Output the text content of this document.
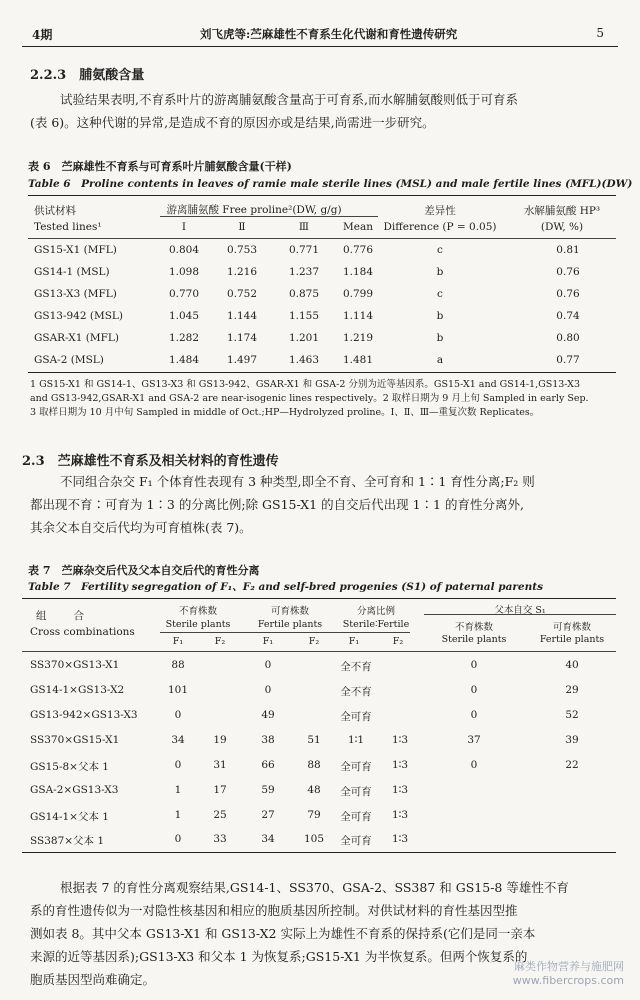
4期	刘飞虎等:苎麻雄性不育系生化代谢和育性遗传研究	5
2.2.3　脯氨酸含量

试验结果表明,不育系叶片的游离脯氨酸含量高于可育系,而水解脯氨酸则低于可育系

(表 6)。这种代谢的异常,是造成不育的原因亦或是结果,尚需进一步研究。

表 6　苎麻雄性不育系与可育系叶片脯氨酸含量(干样)
Table 6　Proline contents in leaves of ramie male sterile lines (MSL) and male fertile lines (MFL)(DW)
供试材料
Tested lines¹
游离脯氨酸 Free proline²(DW, g/g)
Ⅰ	Ⅱ	Ⅲ	Mean
差异性
Difference (P = 0.05)
水解脯氨酸 HP³
(DW, %)
GS15-X1 (MFL)	0.804	0.753	0.771 0.776	c	0.81
GS14-1 (MSL)	1.098	1.216	1.237 1.184	b	0.76
GS13-X3 (MFL)	0.770	0.752	0.875 0.799	c	0.76
GS13-942 (MSL)	1.045	1.144	1.155 1.114	b	0.74
GSAR-X1 (MFL)	1.282	1.174	1.201 1.219	b	0.80
GSA-2 (MSL)	1.484	1.497	1.463 1.481	a	0.77

1 GS15-X1 和 GS14-1、GS13-X3 和 GS13-942、GSAR-X1 和 GSA-2 分别为近等基因系。GS15-X1 and GS14-1,GS13-X3

and GS13-942,GSAR-X1 and GSA-2 are near-isogenic lines respectively。2 取样日期为 9 月上旬 Sampled in early Sep.

3 取样日期为 10 月中旬 Sampled in middle of Oct.;HP—Hydrolyzed proline。Ⅰ、Ⅱ、Ⅲ—重复次数 Replicates。

2.3　苎麻雄性不育系及相关材料的育性遗传

不同组合杂交 F₁ 个体育性表现有 3 种类型,即全不育、全可育和 1∶1 育性分离;F₂ 则

都出现不育∶可育为 1∶3 的分离比例;除 GS15-X1 的自交后代出现 1∶1 的育性分离外,

其余父本自交后代均为可育植株(表 7)。

表 7　苎麻杂交后代及父本自交后代的育性分离
Table 7　Fertility segregation of F₁、F₂ and self-bred progenies (S1) of paternal parents
组　　合
Cross combinations
不育株数
Sterile plants
可育株数
Fertile plants
分离比例
Sterile∶Fertile
父本自交 S₁
不育株数
Sterile plants
可育株数
Fertile plants
F₁	F₂	F₁	F₂	F₁	F₂
SS370×GS13-X1	88	0	全不育	0	40
GS14-1×GS13-X2	101	0	全不育	0	29
GS13-942×GS13-X3	0	49	全可育	0	52
SS370×GS15-X1	34	19	38	51	1∶1	1∶3	37	39
GS15-8×父本 1	0	31	66	88 全可育 1∶3	0	22
GSA-2×GS13-X3	1	17	59	48 全可育 1∶3
GS14-1×父本 1	1	25	27	79 全可育 1∶3
SS387×父本 1	0	33	34	105 全可育 1∶3

根据表 7 的育性分离观察结果,GS14-1、SS370、GSA-2、SS387 和 GS15-8 等雄性不育

系的育性遗传似为一对隐性核基因和相应的胞质基因所控制。对供试材料的育性基因型推

测如表 8。其中父本 GS13-X1 和 GS13-X2 实际上为雄性不育系的保持系(它们是同一亲本

来源的近等基因系);GS13-X3 和父本 1 为恢复系;GS15-X1 为半恢复系。但两个恢复系的

胞质基因型尚难确定。

麻类作物营养与施肥网
www.fibercrops.com
